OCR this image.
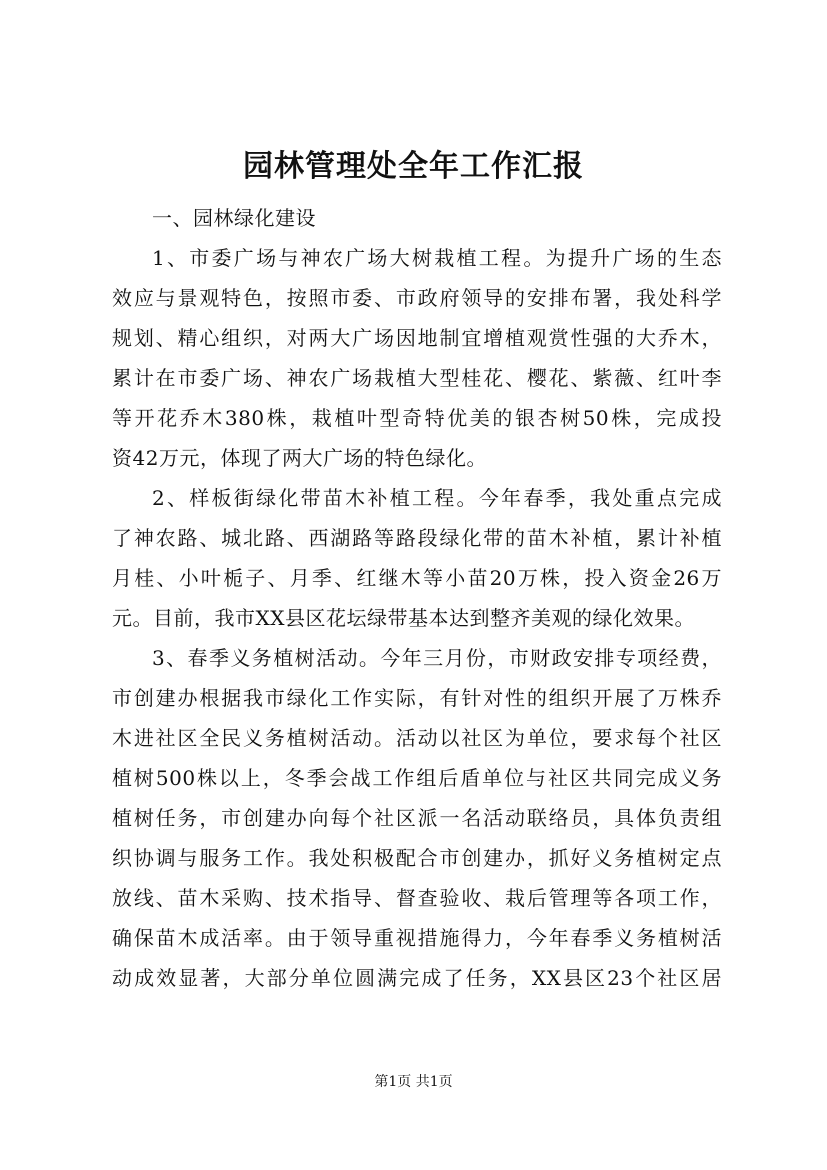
园林管理处全年工作汇报
一、园林绿化建设
1、市委广场与神农广场大树栽植工程。为提升广场的生态
效应与景观特色，按照市委、市政府领导的安排布署，我处科学
规划、精心组织，对两大广场因地制宜增植观赏性强的大乔木，
累计在市委广场、神农广场栽植大型桂花、樱花、紫薇、红叶李
等开花乔木380株，栽植叶型奇特优美的银杏树50株，完成投
资42万元，体现了两大广场的特色绿化。
2、样板街绿化带苗木补植工程。今年春季，我处重点完成
了神农路、城北路、西湖路等路段绿化带的苗木补植，累计补植
月桂、小叶栀子、月季、红继木等小苗20万株，投入资金26万
元。目前，我市XX县区花坛绿带基本达到整齐美观的绿化效果。
3、春季义务植树活动。今年三月份，市财政安排专项经费，
市创建办根据我市绿化工作实际，有针对性的组织开展了万株乔
木进社区全民义务植树活动。活动以社区为单位，要求每个社区
植树500株以上，冬季会战工作组后盾单位与社区共同完成义务
植树任务，市创建办向每个社区派一名活动联络员，具体负责组
织协调与服务工作。我处积极配合市创建办，抓好义务植树定点
放线、苗木采购、技术指导、督查验收、栽后管理等各项工作，
确保苗木成活率。由于领导重视措施得力，今年春季义务植树活
动成效显著，大部分单位圆满完成了任务，XX县区23个社区居
第1页 共1页
